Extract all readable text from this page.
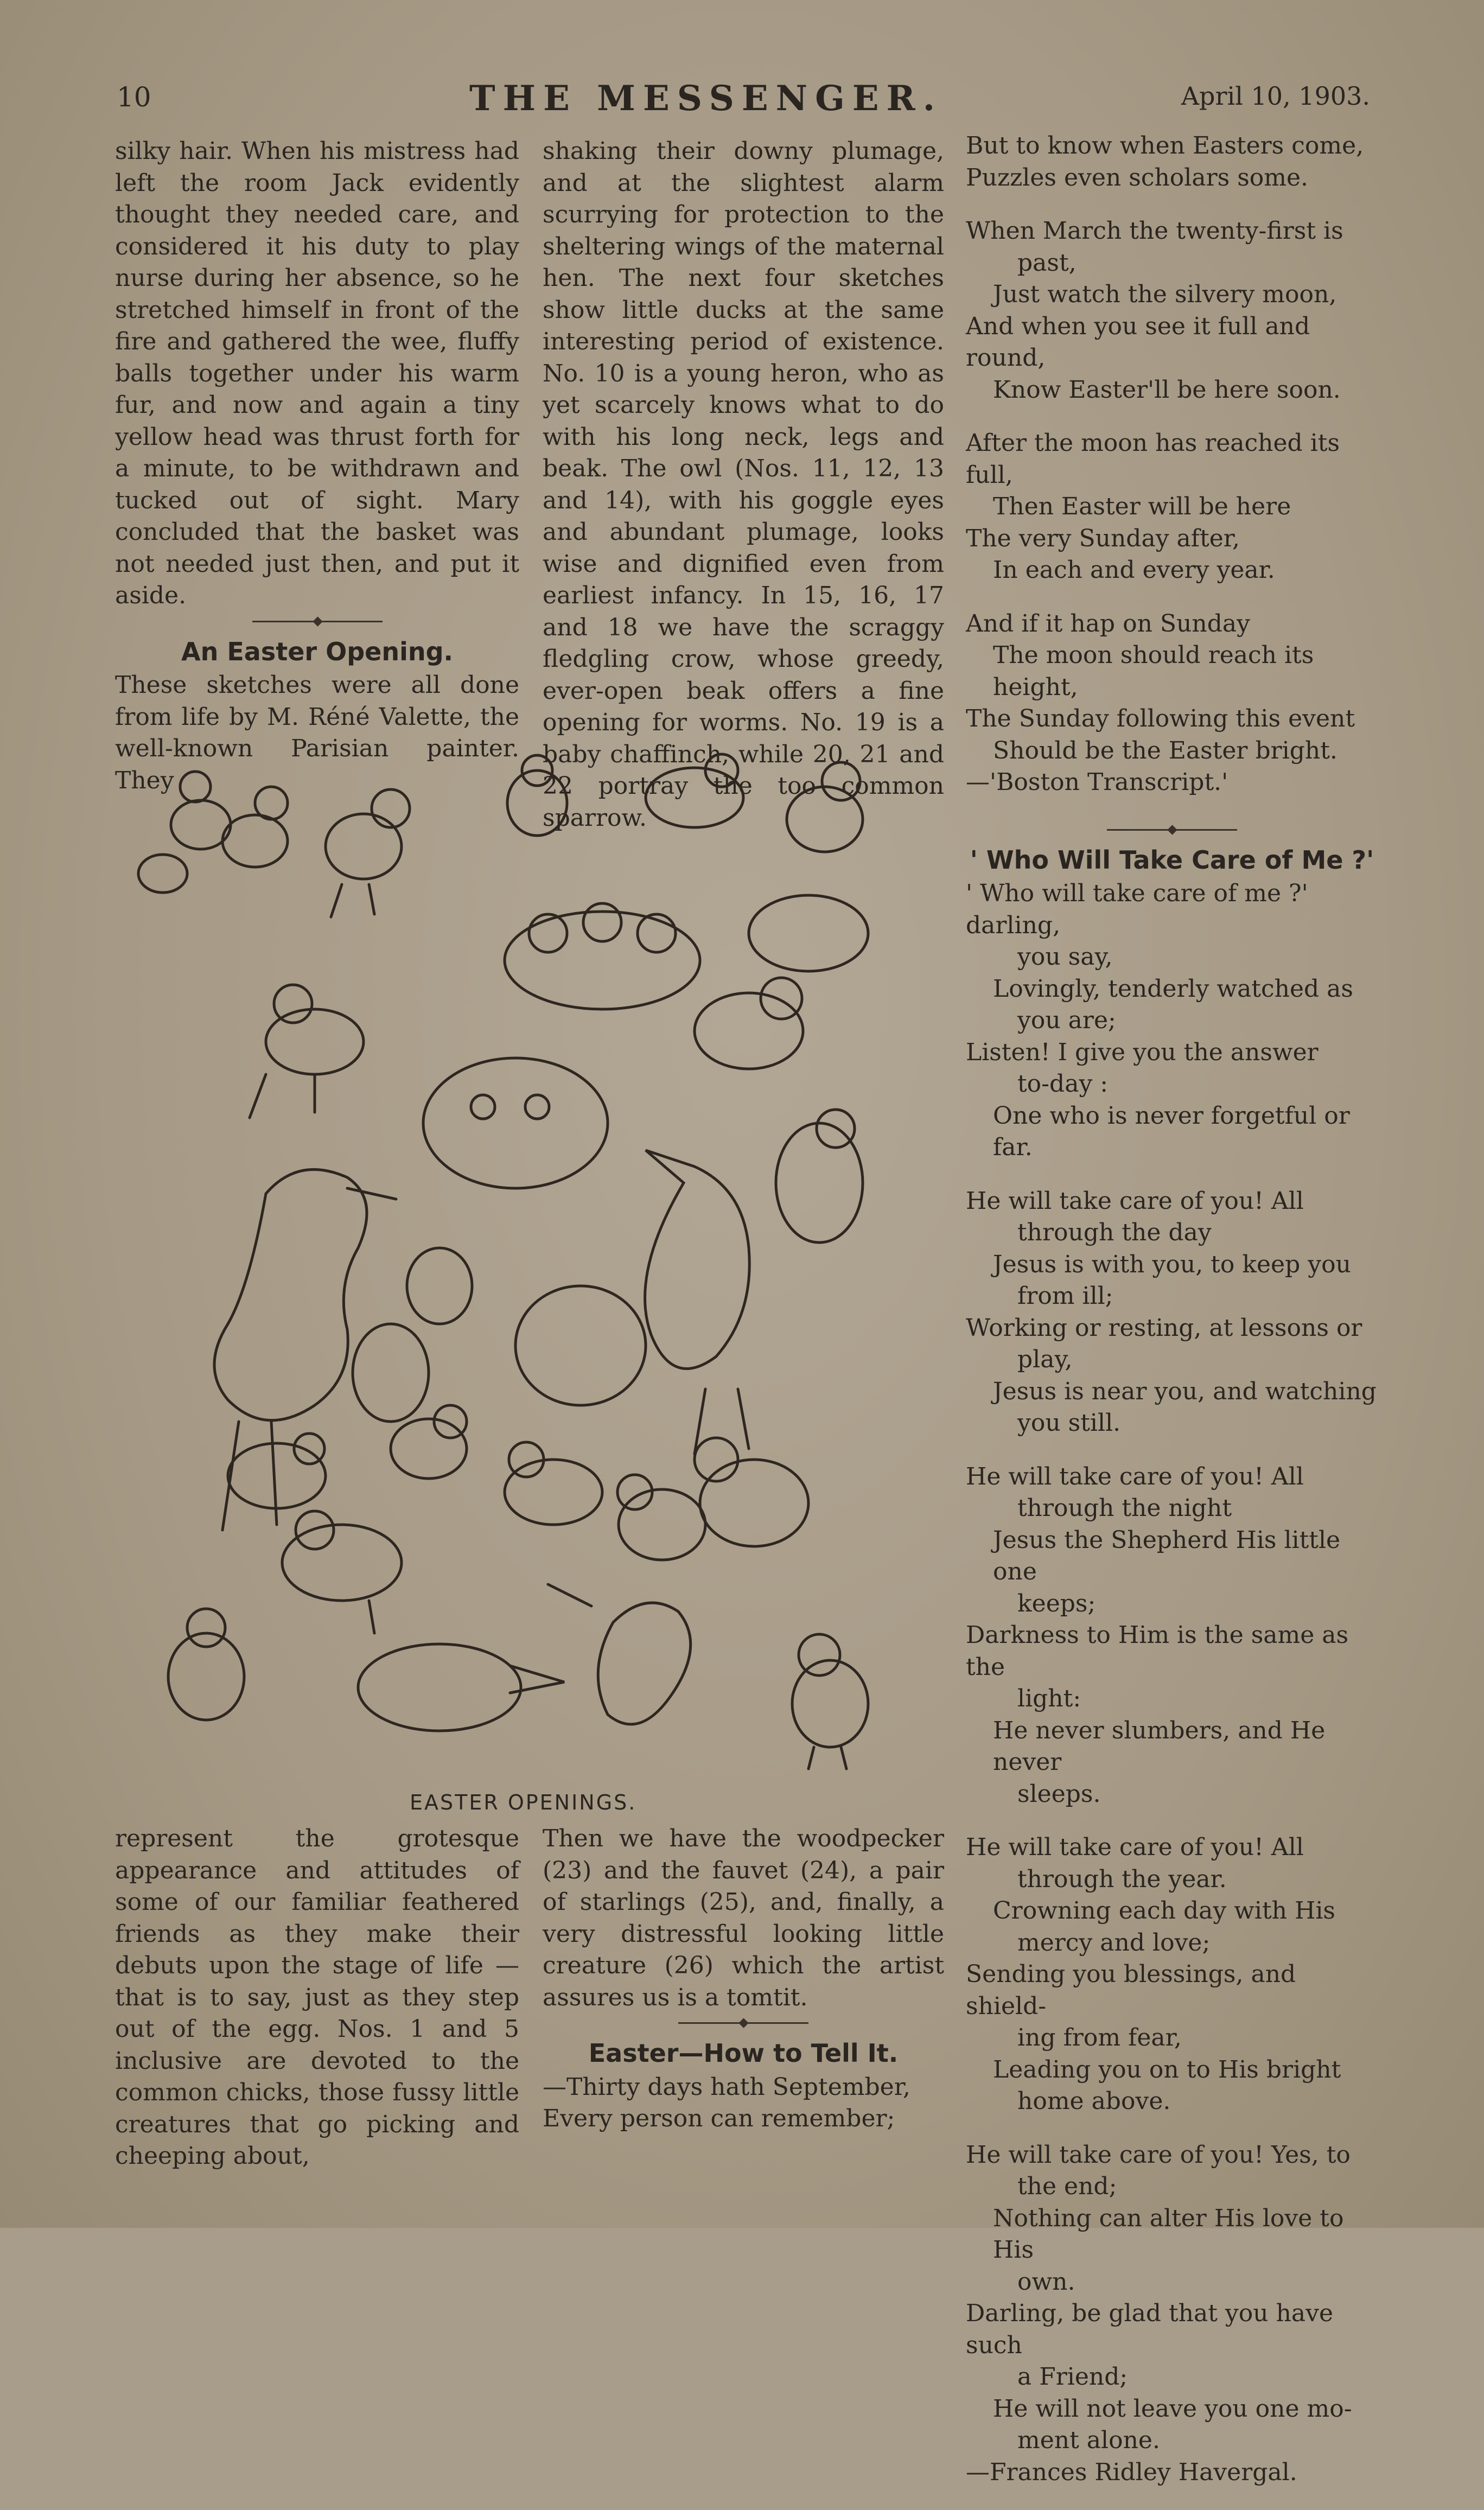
10	THE MESSENGER.	April 10, 1903.

silky hair. When his mistress had left the room Jack evidently thought they needed care, and considered it his duty to play nurse during her absence, so he stretched himself in front of the fire and gathered the wee, fluffy balls together under his warm fur, and now and again a tiny yellow head was thrust forth for a minute, to be withdrawn and tucked out of sight. Mary concluded that the basket was not needed just then, and put it aside.

An Easter Opening.

These sketches were all done from life by M. Réné Valette, the well-known Parisian painter. They

shaking their downy plumage, and at the slightest alarm scurrying for protection to the sheltering wings of the maternal hen. The next four sketches show little ducks at the same interesting period of existence. No. 10 is a young heron, who as yet scarcely knows what to do with his long neck, legs and beak. The owl (Nos. 11, 12, 13 and 14), with his goggle eyes and abundant plumage, looks wise and dignified even from earliest infancy. In 15, 16, 17 and 18 we have the scraggy fledgling crow, whose greedy, ever-open beak offers a fine opening for worms. No. 19 is a baby chaffinch, while 20, 21 and 22 portray the too common sparrow.

But to know when Easters come,
Puzzles even scholars some.
When March the twenty-first is
past,
Just watch the silvery moon,
And when you see it full and round,
Know Easter'll be here soon.
After the moon has reached its full,
Then Easter will be here
The very Sunday after,
In each and every year.
And if it hap on Sunday
The moon should reach its height,
The Sunday following this event
Should be the Easter bright.
—'Boston Transcript.'
' Who Will Take Care of Me ?'
' Who will take care of me ?' darling,
you say,
Lovingly, tenderly watched as
you are;
Listen! I give you the answer
to-day :
One who is never forgetful or far.
He will take care of you! All
through the day
Jesus is with you, to keep you
from ill;
Working or resting, at lessons or
play,
Jesus is near you, and watching
you still.
He will take care of you! All
through the night
Jesus the Shepherd His little one
keeps;
Darkness to Him is the same as the
light:
He never slumbers, and He never
sleeps.
He will take care of you! All
through the year.
Crowning each day with His
mercy and love;
Sending you blessings, and shield-
ing from fear,
Leading you on to His bright
home above.
He will take care of you! Yes, to
the end;
Nothing can alter His love to His
own.
Darling, be glad that you have such
a Friend;
He will not leave you one mo-
ment alone.
—Frances Ridley Havergal.
EASTER OPENINGS.

represent the grotesque appearance and attitudes of some of our familiar feathered friends as they make their debuts upon the stage of life —that is to say, just as they step out of the egg. Nos. 1 and 5 inclusive are devoted to the common chicks, those fussy little creatures that go picking and cheeping about,

Then we have the woodpecker (23) and the fauvet (24), a pair of starlings (25), and, finally, a very distressful looking little creature (26) which the artist assures us is a tomtit.

Easter—How to Tell It.

—Thirty days hath September,

Every person can remember;
